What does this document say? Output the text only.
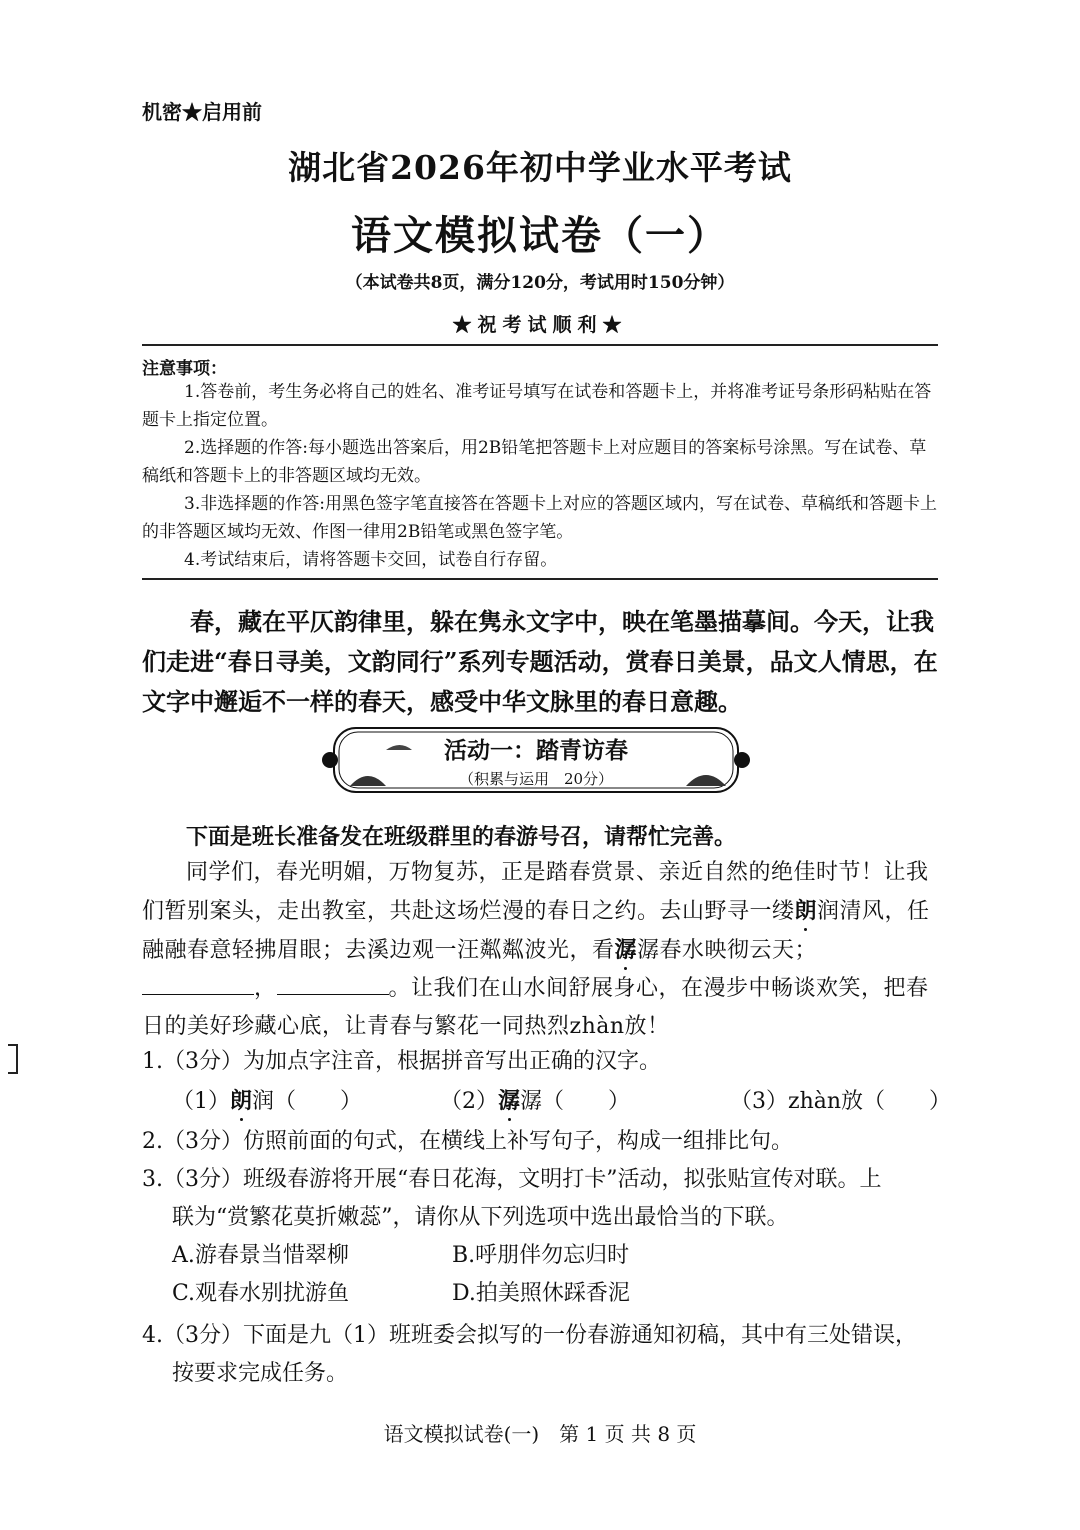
机密★启用前
湖北省2026年初中学业水平考试
语文模拟试卷（一）
（本试卷共8页，满分120分，考试用时150分钟）
★祝考试顺利★
注意事项：

1.答卷前，考生务必将自己的姓名、准考证号填写在试卷和答题卡上，并将准考证号条形码粘贴在答题卡上指定位置。

2.选择题的作答:每小题选出答案后，用2B铅笔把答题卡上对应题目的答案标号涂黑。写在试卷、草稿纸和答题卡上的非答题区域均无效。

3.非选择题的作答:用黑色签字笔直接答在答题卡上对应的答题区域内，写在试卷、草稿纸和答题卡上的非答题区域均无效、作图一律用2B铅笔或黑色签字笔。

4.考试结束后，请将答题卡交回，试卷自行存留。

春，藏在平仄韵律里，躲在隽永文字中，映在笔墨描摹间。今天，让我们走进“春日寻美，文韵同行”系列专题活动，赏春日美景，品文人情思，在文字中邂逅不一样的春天，感受中华文脉里的春日意趣。
活动一：踏青访春
（积累与运用　20分）
下面是班长准备发在班级群里的春游号召，请帮忙完善。

同学们，春光明媚，万物复苏，正是踏春赏景、亲近自然的绝佳时节！让我们暂别案头，走出教室，共赴这场烂漫的春日之约。去山野寻一缕朗润清风，任融融春意轻拂眉眼；去溪边观一汪粼粼波光，看潺潺春水映彻云天；

，	。让我们在山水间舒展身心，在漫步中畅谈欢笑，把春日的美好珍藏心底，让青春与繁花一同热烈zhàn放！
1.（3分）为加点字注音，根据拼音写出正确的汉字。
（1）朗润（　　）	（2）潺潺（　　）	（3）zhàn放（　　）
2.（3分）仿照前面的句式，在横线上补写句子，构成一组排比句。
3.（3分）班级春游将开展“春日花海，文明打卡”活动，拟张贴宣传对联。上
联为“赏繁花莫折嫩蕊”，请你从下列选项中选出最恰当的下联。
A.游春景当惜翠柳	B.呼朋伴勿忘归时
C.观春水别扰游鱼	D.拍美照休踩香泥
4.（3分）下面是九（1）班班委会拟写的一份春游通知初稿，其中有三处错误，
按要求完成任务。
语文模拟试卷(一)　第 1 页 共 8 页
